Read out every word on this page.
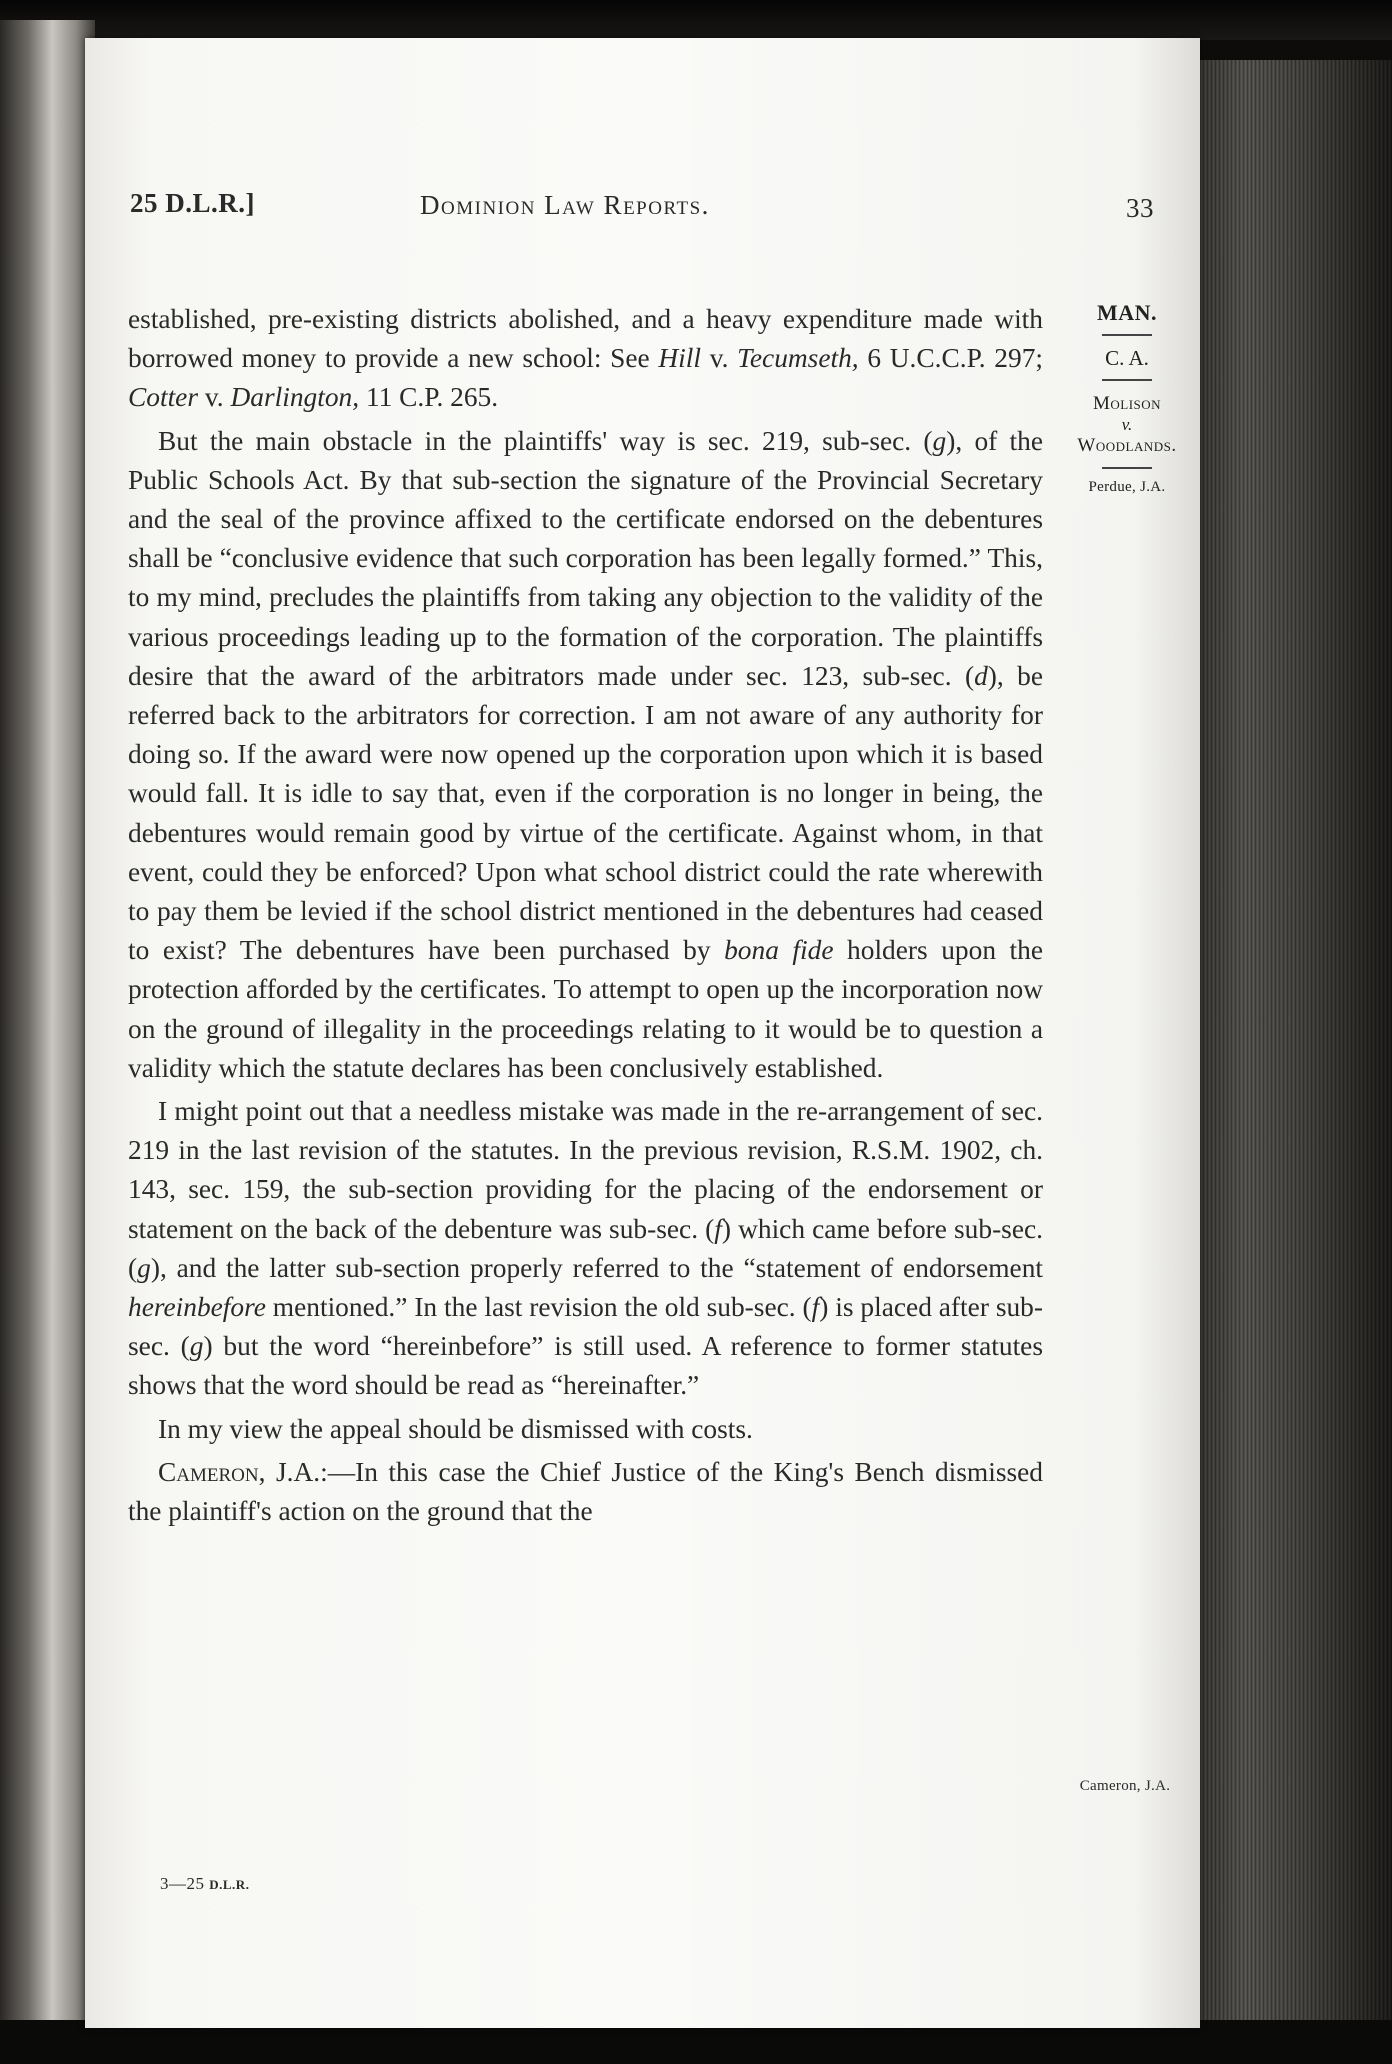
25 D.L.R.]	Dominion Law Reports.	33

established, pre-existing districts abolished, and a heavy expenditure made with borrowed money to provide a new school: See Hill v. Tecumseth, 6 U.C.C.P. 297; Cotter v. Darlington, 11 C.P. 265.

But the main obstacle in the plaintiffs' way is sec. 219, sub-sec. (g), of the Public Schools Act. By that sub-section the signature of the Provincial Secretary and the seal of the province affixed to the certificate endorsed on the debentures shall be “conclusive evidence that such corporation has been legally formed.” This, to my mind, precludes the plaintiffs from taking any objection to the validity of the various proceedings leading up to the formation of the corporation. The plaintiffs desire that the award of the arbitrators made under sec. 123, sub-sec. (d), be referred back to the arbitrators for correction. I am not aware of any authority for doing so. If the award were now opened up the corporation upon which it is based would fall. It is idle to say that, even if the corporation is no longer in being, the debentures would remain good by virtue of the certificate. Against whom, in that event, could they be enforced? Upon what school district could the rate wherewith to pay them be levied if the school district mentioned in the debentures had ceased to exist? The debentures have been purchased by bona fide holders upon the protection afforded by the certificates. To attempt to open up the incorporation now on the ground of illegality in the proceedings relating to it would be to question a validity which the statute declares has been conclusively established.

I might point out that a needless mistake was made in the re-arrangement of sec. 219 in the last revision of the statutes. In the previous revision, R.S.M. 1902, ch. 143, sec. 159, the sub-section providing for the placing of the endorsement or statement on the back of the debenture was sub-sec. (f) which came before sub-sec. (g), and the latter sub-section properly referred to the “statement of endorsement hereinbefore mentioned.” In the last revision the old sub-sec. (f) is placed after sub-sec. (g) but the word “hereinbefore” is still used. A reference to former statutes shows that the word should be read as “hereinafter.”

In my view the appeal should be dismissed with costs.

Cameron, J.A.:—In this case the Chief Justice of the King's Bench dismissed the plaintiff's action on the ground that the

MAN.
C. A.
Molison
v.
Woodlands.
Perdue, J.A.
Cameron, J.A.
3—25 D.L.R.
